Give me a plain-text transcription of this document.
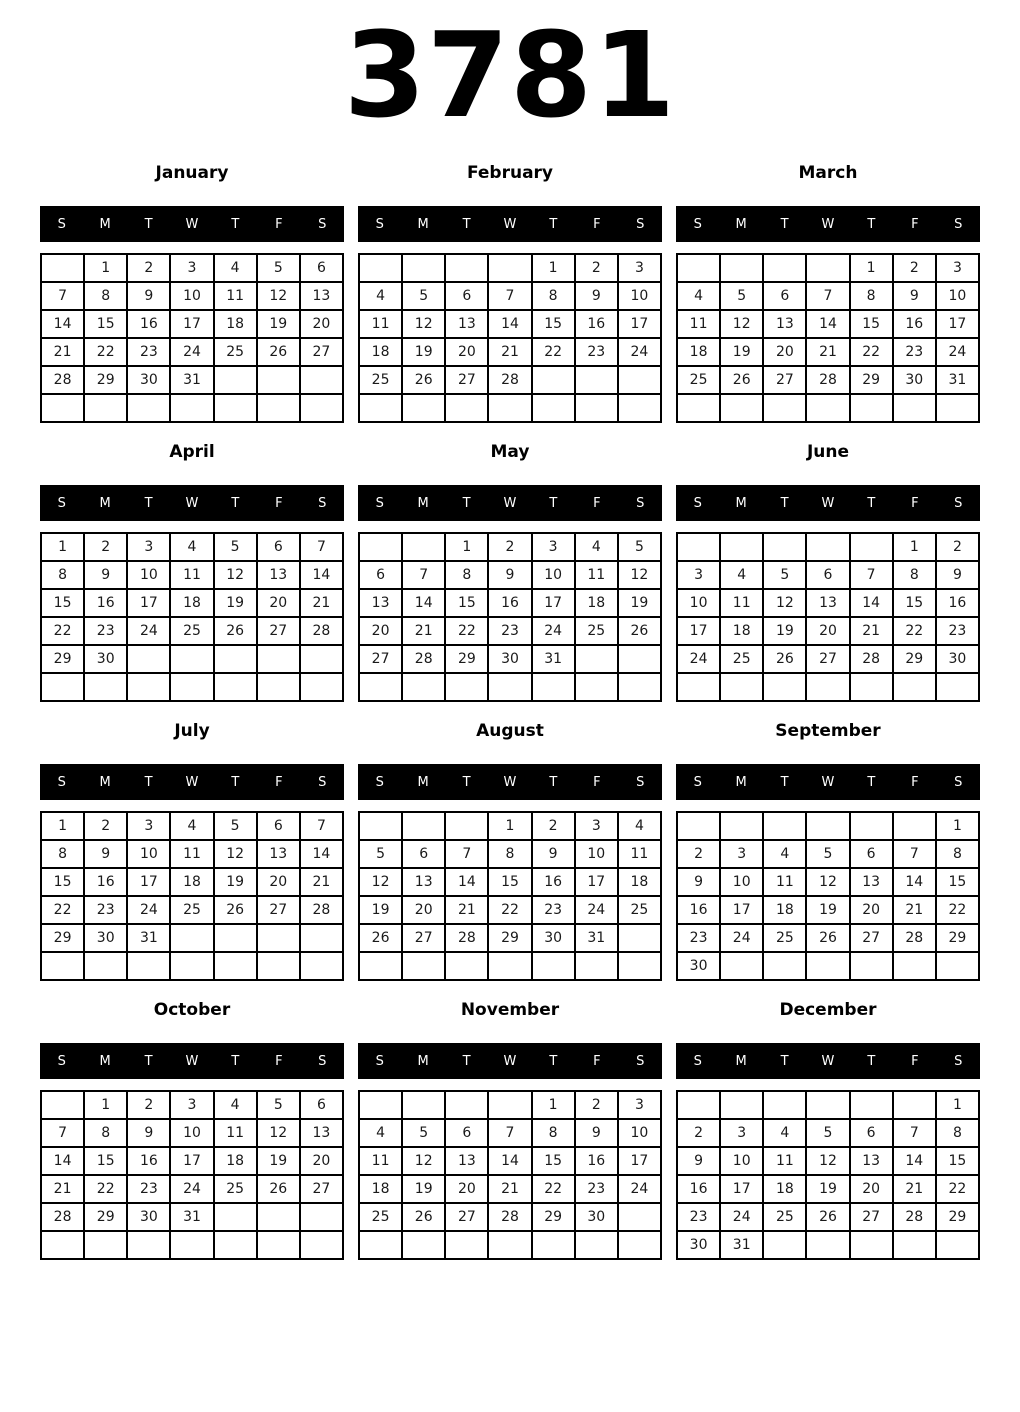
3781
January
S	M	T	W	T	F	S
	1	2	3	4	5	6
7	8	9	10	11	12	13
14	15	16	17	18	19	20
21	22	23	24	25	26	27
28	29	30	31			

February
S	M	T	W	T	F	S
				1	2	3
4	5	6	7	8	9	10
11	12	13	14	15	16	17
18	19	20	21	22	23	24
25	26	27	28			

March
S	M	T	W	T	F	S
				1	2	3
4	5	6	7	8	9	10
11	12	13	14	15	16	17
18	19	20	21	22	23	24
25	26	27	28	29	30	31

April
S	M	T	W	T	F	S
1	2	3	4	5	6	7
8	9	10	11	12	13	14
15	16	17	18	19	20	21
22	23	24	25	26	27	28
29	30					

May
S	M	T	W	T	F	S
		1	2	3	4	5
6	7	8	9	10	11	12
13	14	15	16	17	18	19
20	21	22	23	24	25	26
27	28	29	30	31		

June
S	M	T	W	T	F	S
					1	2
3	4	5	6	7	8	9
10	11	12	13	14	15	16
17	18	19	20	21	22	23
24	25	26	27	28	29	30

July
S	M	T	W	T	F	S
1	2	3	4	5	6	7
8	9	10	11	12	13	14
15	16	17	18	19	20	21
22	23	24	25	26	27	28
29	30	31				

August
S	M	T	W	T	F	S
			1	2	3	4
5	6	7	8	9	10	11
12	13	14	15	16	17	18
19	20	21	22	23	24	25
26	27	28	29	30	31	

September
S	M	T	W	T	F	S
						1
2	3	4	5	6	7	8
9	10	11	12	13	14	15
16	17	18	19	20	21	22
23	24	25	26	27	28	29
30						
October
S	M	T	W	T	F	S
	1	2	3	4	5	6
7	8	9	10	11	12	13
14	15	16	17	18	19	20
21	22	23	24	25	26	27
28	29	30	31			

November
S	M	T	W	T	F	S
				1	2	3
4	5	6	7	8	9	10
11	12	13	14	15	16	17
18	19	20	21	22	23	24
25	26	27	28	29	30	

December
S	M	T	W	T	F	S
						1
2	3	4	5	6	7	8
9	10	11	12	13	14	15
16	17	18	19	20	21	22
23	24	25	26	27	28	29
30	31					
